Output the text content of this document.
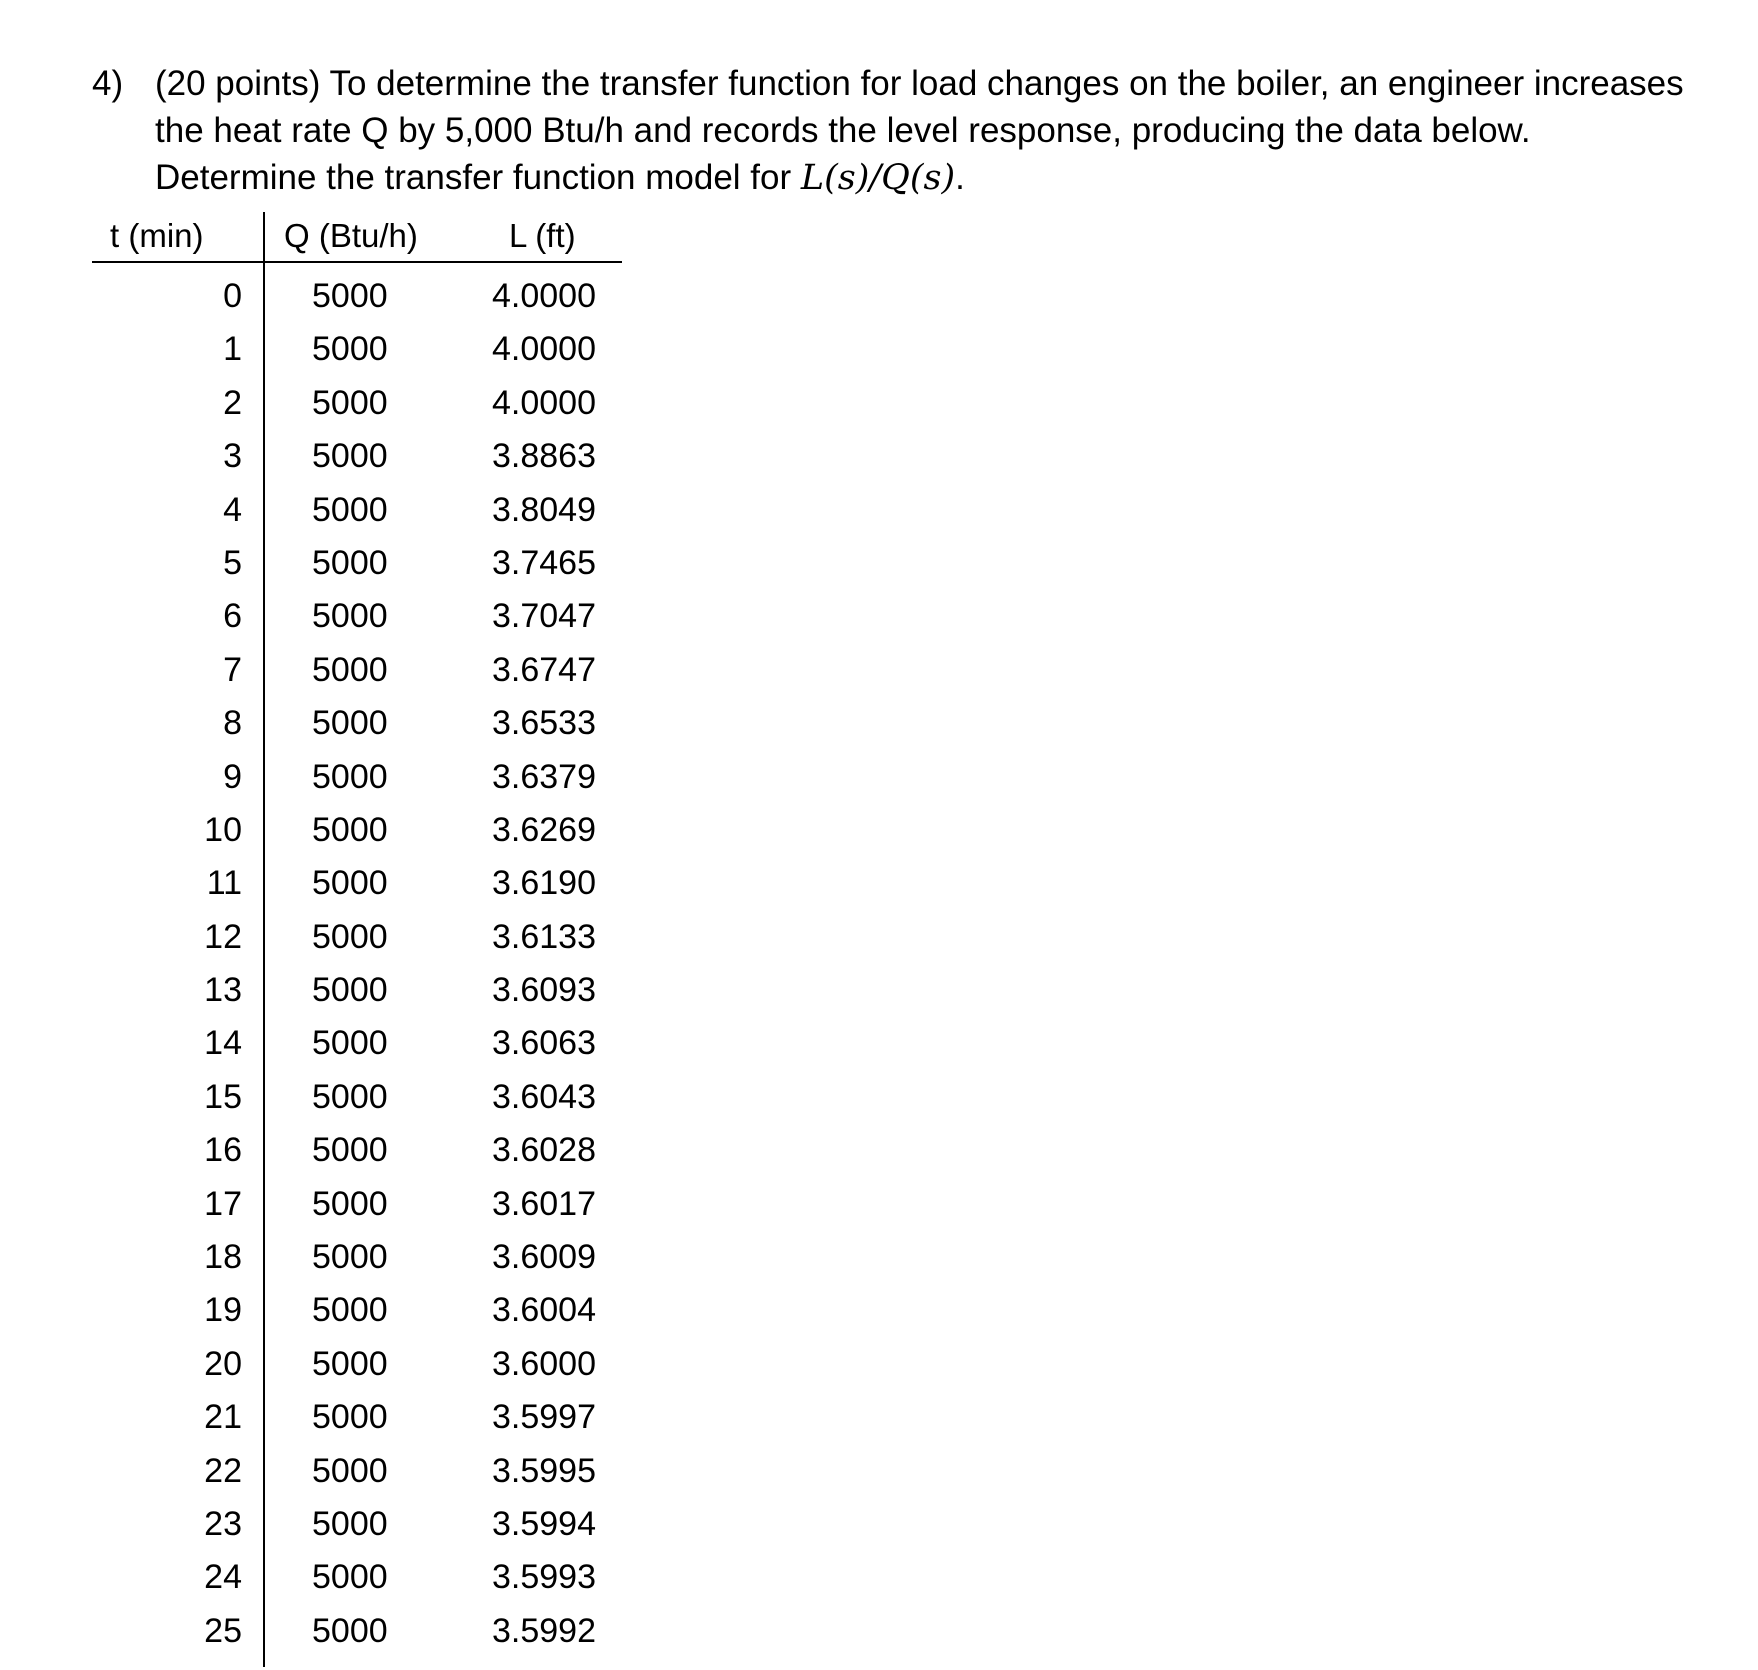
4) (20 points) To determine the transfer function for load changes on the boiler, an engineer increases
the heat rate Q by 5,000 Btu/h and records the level response, producing the data below.
Determine the transfer function model for L(s)/Q(s).
t (min) Q (Btu/h)	L (ft)
0 5000	4.0000
1 5000	4.0000
2 5000	4.0000
3 5000	3.8863
4 5000	3.8049
5 5000	3.7465
6 5000	3.7047
7 5000	3.6747
8 5000	3.6533
9 5000	3.6379
10 5000	3.6269
11 5000	3.6190
12 5000	3.6133
13 5000	3.6093
14 5000	3.6063
15 5000	3.6043
16 5000	3.6028
17 5000	3.6017
18 5000	3.6009
19 5000	3.6004
20 5000	3.6000
21 5000	3.5997
22 5000	3.5995
23 5000	3.5994
24 5000	3.5993
25 5000	3.5992
